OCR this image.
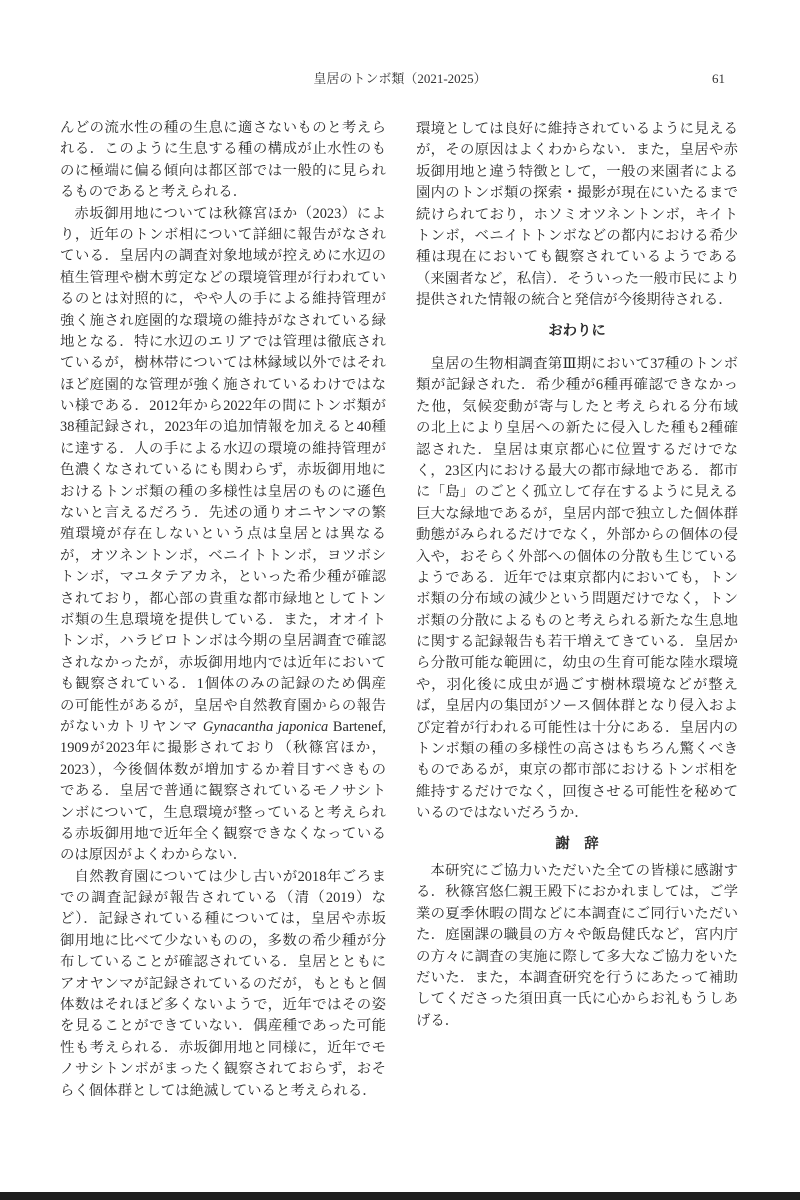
皇居のトンボ類（2021-2025）	61
んどの流水性の種の生息に適さないものと考えら
れる．このように生息する種の構成が止水性のも
のに極端に偏る傾向は都区部では一般的に見られ
るものであると考えられる．
赤坂御用地については秋篠宮ほか（2023）によ
り，近年のトンボ相について詳細に報告がなされ
ている．皇居内の調査対象地域が控えめに水辺の
植生管理や樹木剪定などの環境管理が行われてい
るのとは対照的に，やや人の手による維持管理が
強く施され庭園的な環境の維持がなされている緑
地となる．特に水辺のエリアでは管理は徹底され
ているが，樹林帯については林縁域以外ではそれ
ほど庭園的な管理が強く施されているわけではな
い様である．2012年から2022年の間にトンボ類が
38種記録され，2023年の追加情報を加えると40種
に達する．人の手による水辺の環境の維持管理が
色濃くなされているにも関わらず，赤坂御用地に
おけるトンボ類の種の多様性は皇居のものに遜色
ないと言えるだろう．先述の通りオニヤンマの繁
殖環境が存在しないという点は皇居とは異なる
が，オツネントンボ，ベニイトトンボ，ヨツボシ
トンボ，マユタテアカネ，といった希少種が確認
されており，都心部の貴重な都市緑地としてトン
ボ類の生息環境を提供している．また，オオイト
トンボ，ハラビロトンボは今期の皇居調査で確認
されなかったが，赤坂御用地内では近年において
も観察されている．1個体のみの記録のため偶産
の可能性があるが，皇居や自然教育園からの報告
がないカトリヤンマ Gynacantha japonica Bartenef,
1909が2023年に撮影されており（秋篠宮ほか，
2023），今後個体数が増加するか着目すべきもの
である．皇居で普通に観察されているモノサシト
ンボについて，生息環境が整っていると考えられ
る赤坂御用地で近年全く観察できなくなっている
のは原因がよくわからない．
自然教育園については少し古いが2018年ごろま
での調査記録が報告されている（清（2019）な
ど）．記録されている種については，皇居や赤坂
御用地に比べて少ないものの，多数の希少種が分
布していることが確認されている．皇居とともに
アオヤンマが記録されているのだが，もともと個
体数はそれほど多くないようで，近年ではその姿
を見ることができていない．偶産種であった可能
性も考えられる．赤坂御用地と同様に，近年でモ
ノサシトンボがまったく観察されておらず，おそ
らく個体群としては絶滅していると考えられる．
環境としては良好に維持されているように見える
が，その原因はよくわからない．また，皇居や赤
坂御用地と違う特徴として，一般の来園者による
園内のトンボ類の探索・撮影が現在にいたるまで
続けられており，ホソミオツネントンボ，キイト
トンボ，ベニイトトンボなどの都内における希少
種は現在においても観察されているようである
（来園者など，私信）．そういった一般市民により
提供された情報の統合と発信が今後期待される．
おわりに
皇居の生物相調査第Ⅲ期において37種のトンボ
類が記録された．希少種が6種再確認できなかっ
た他，気候変動が寄与したと考えられる分布域
の北上により皇居への新たに侵入した種も2種確
認された．皇居は東京都心に位置するだけでな
く，23区内における最大の都市緑地である．都市
に「島」のごとく孤立して存在するように見える
巨大な緑地であるが，皇居内部で独立した個体群
動態がみられるだけでなく，外部からの個体の侵
入や，おそらく外部への個体の分散も生じている
ようである．近年では東京都内においても，トン
ボ類の分布域の減少という問題だけでなく，トン
ボ類の分散によるものと考えられる新たな生息地
に関する記録報告も若干増えてきている．皇居か
ら分散可能な範囲に，幼虫の生育可能な陸水環境
や，羽化後に成虫が過ごす樹林環境などが整え
ば，皇居内の集団がソース個体群となり侵入およ
び定着が行われる可能性は十分にある．皇居内の
トンボ類の種の多様性の高さはもちろん驚くべき
ものであるが，東京の都市部におけるトンボ相を
維持するだけでなく，回復させる可能性を秘めて
いるのではないだろうか．
謝　辞
本研究にご協力いただいた全ての皆様に感謝す
る．秋篠宮悠仁親王殿下におかれましては，ご学
業の夏季休暇の間などに本調査にご同行いただい
た．庭園課の職員の方々や飯島健氏など，宮内庁
の方々に調査の実施に際して多大なご協力をいた
だいた．また，本調査研究を行うにあたって補助
してくださった須田真一氏に心からお礼もうしあ
げる．
